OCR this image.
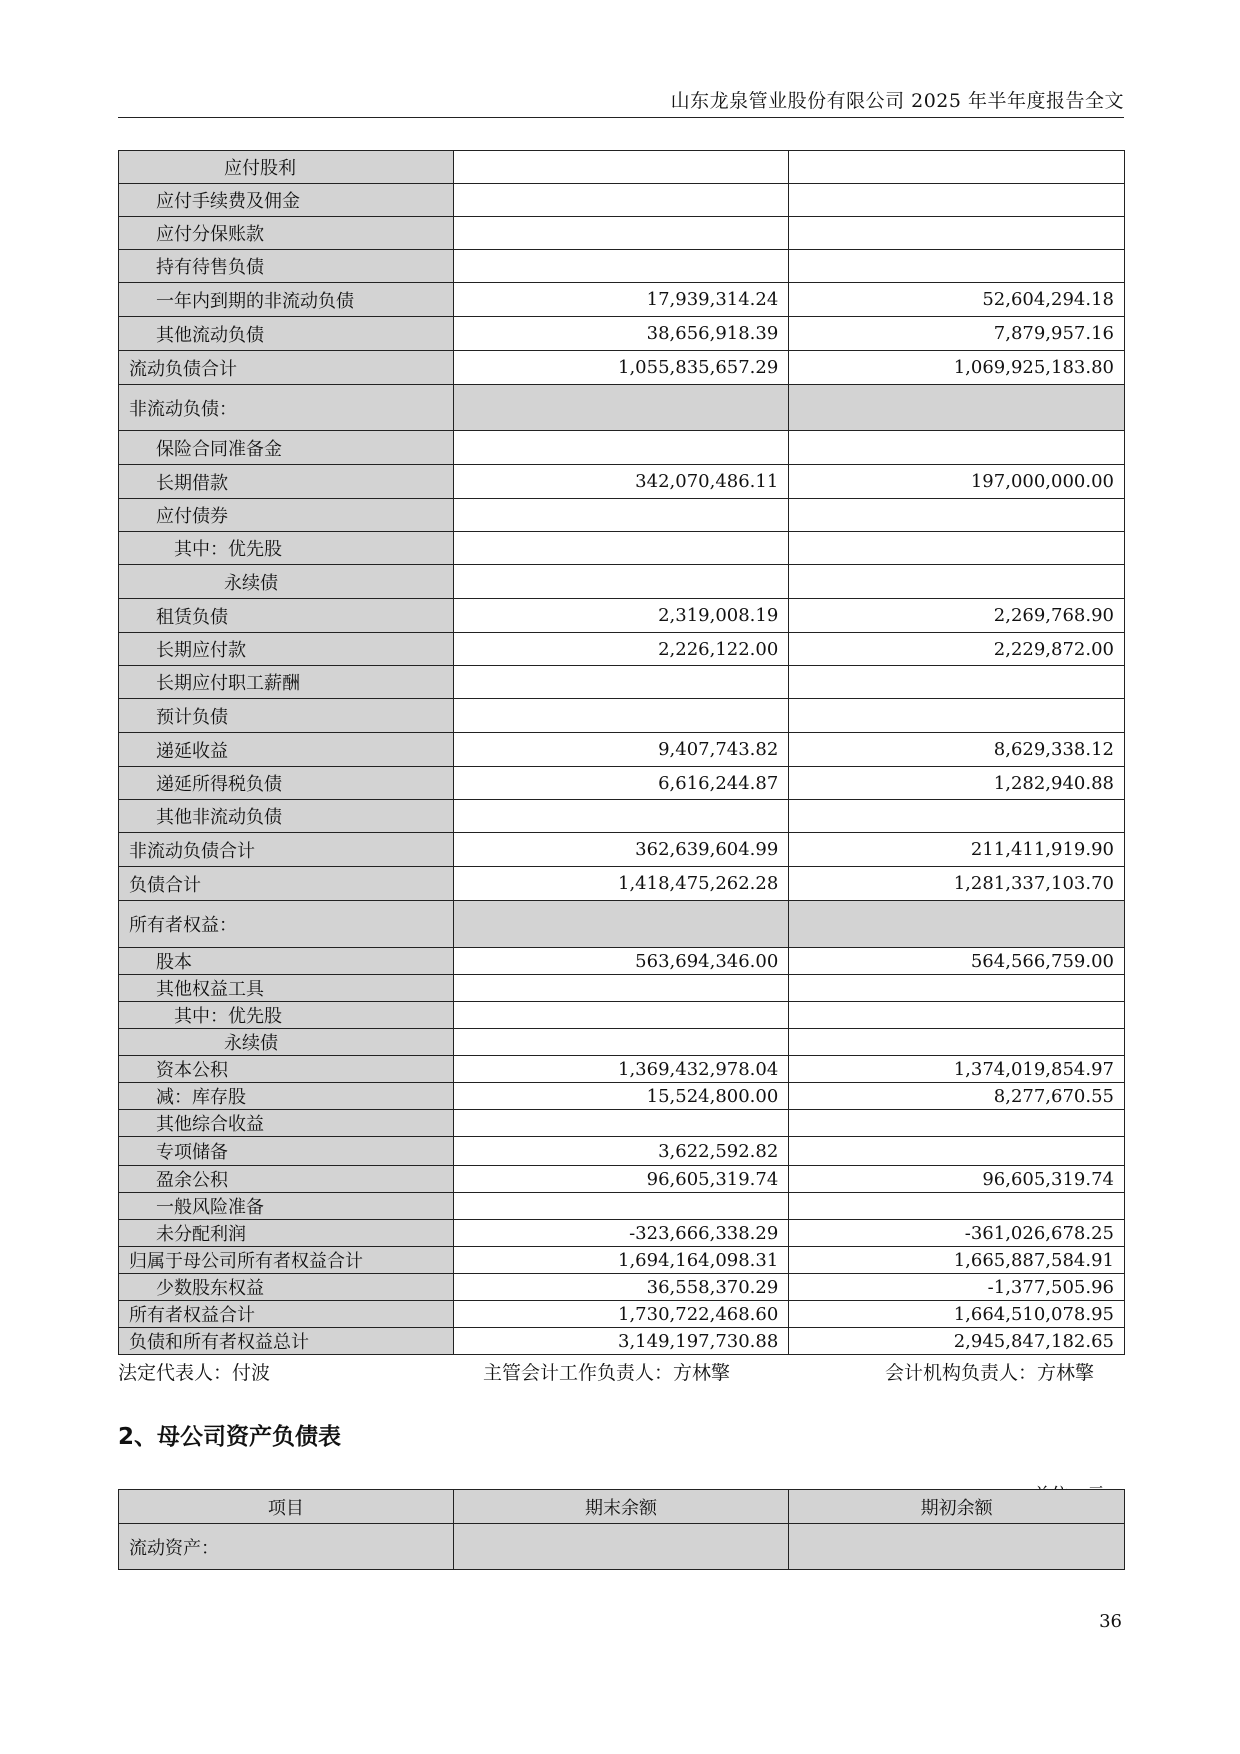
山东龙泉管业股份有限公司 2025 年半年度报告全文
应付股利		
应付手续费及佣金		
应付分保账款		
持有待售负债		
一年内到期的非流动负债	17,939,314.24	52,604,294.18
其他流动负债	38,656,918.39	7,879,957.16
流动负债合计	1,055,835,657.29	1,069,925,183.80
非流动负债：		
保险合同准备金		
长期借款	342,070,486.11	197,000,000.00
应付债券		
其中：优先股		
永续债		
租赁负债	2,319,008.19	2,269,768.90
长期应付款	2,226,122.00	2,229,872.00
长期应付职工薪酬		
预计负债		
递延收益	9,407,743.82	8,629,338.12
递延所得税负债	6,616,244.87	1,282,940.88
其他非流动负债		
非流动负债合计	362,639,604.99	211,411,919.90
负债合计	1,418,475,262.28	1,281,337,103.70
所有者权益：		
股本	563,694,346.00	564,566,759.00
其他权益工具		
其中：优先股		
永续债		
资本公积	1,369,432,978.04	1,374,019,854.97
减：库存股	15,524,800.00	8,277,670.55
其他综合收益		
专项储备	3,622,592.82	
盈余公积	96,605,319.74	96,605,319.74
一般风险准备		
未分配利润	-323,666,338.29	-361,026,678.25
归属于母公司所有者权益合计	1,694,164,098.31	1,665,887,584.91
少数股东权益	36,558,370.29	-1,377,505.96
所有者权益合计	1,730,722,468.60	1,664,510,078.95
负债和所有者权益总计	3,149,197,730.88	2,945,847,182.65
法定代表人：付波	主管会计工作负责人：方林擎	会计机构负责人：方林擎
2、母公司资产负债表
项目	期末余额	期初余额
流动资产：		
36
